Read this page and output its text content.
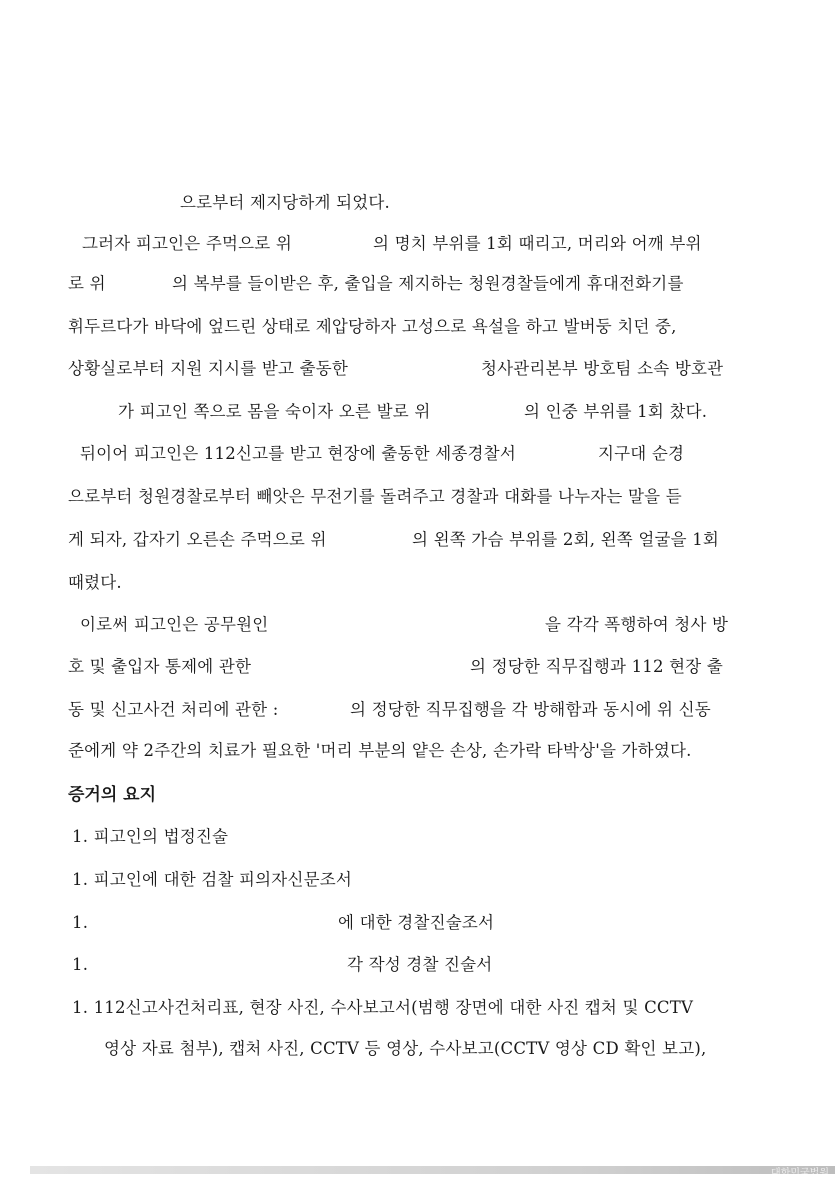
으로부터 제지당하게 되었다.
그러자 피고인은 주먹으로 위	의 명치 부위를 1회 때리고, 머리와 어깨 부위
로 위	의 복부를 들이받은 후, 출입을 제지하는 청원경찰들에게 휴대전화기를
휘두르다가 바닥에 엎드린 상태로 제압당하자 고성으로 욕설을 하고 발버둥 치던 중,
상황실로부터 지원 지시를 받고 출동한	청사관리본부 방호팀 소속 방호관
가 피고인 쪽으로 몸을 숙이자 오른 발로 위	의 인중 부위를 1회 찼다.
뒤이어 피고인은 112신고를 받고 현장에 출동한 세종경찰서	지구대 순경
으로부터 청원경찰로부터 빼앗은 무전기를 돌려주고 경찰과 대화를 나누자는 말을 듣
게 되자, 갑자기 오른손 주먹으로 위	의 왼쪽 가슴 부위를 2회, 왼쪽 얼굴을 1회
때렸다.
이로써 피고인은 공무원인	을 각각 폭행하여 청사 방
호 및 출입자 통제에 관한	의 정당한 직무집행과 112 현장 출
동 및 신고사건 처리에 관한 :	의 정당한 직무집행을 각 방해함과 동시에 위 신동
준에게 약 2주간의 치료가 필요한 '머리 부분의 얕은 손상, 손가락 타박상'을 가하였다.
증거의 요지
1. 피고인의 법정진술
1. 피고인에 대한 검찰 피의자신문조서
1.	에 대한 경찰진술조서
1.	각 작성 경찰 진술서
1. 112신고사건처리표, 현장 사진, 수사보고서(범행 장면에 대한 사진 캡처 및 CCTV
영상 자료 첨부), 캡처 사진, CCTV 등 영상, 수사보고(CCTV 영상 CD 확인 보고),
대한민국법원
